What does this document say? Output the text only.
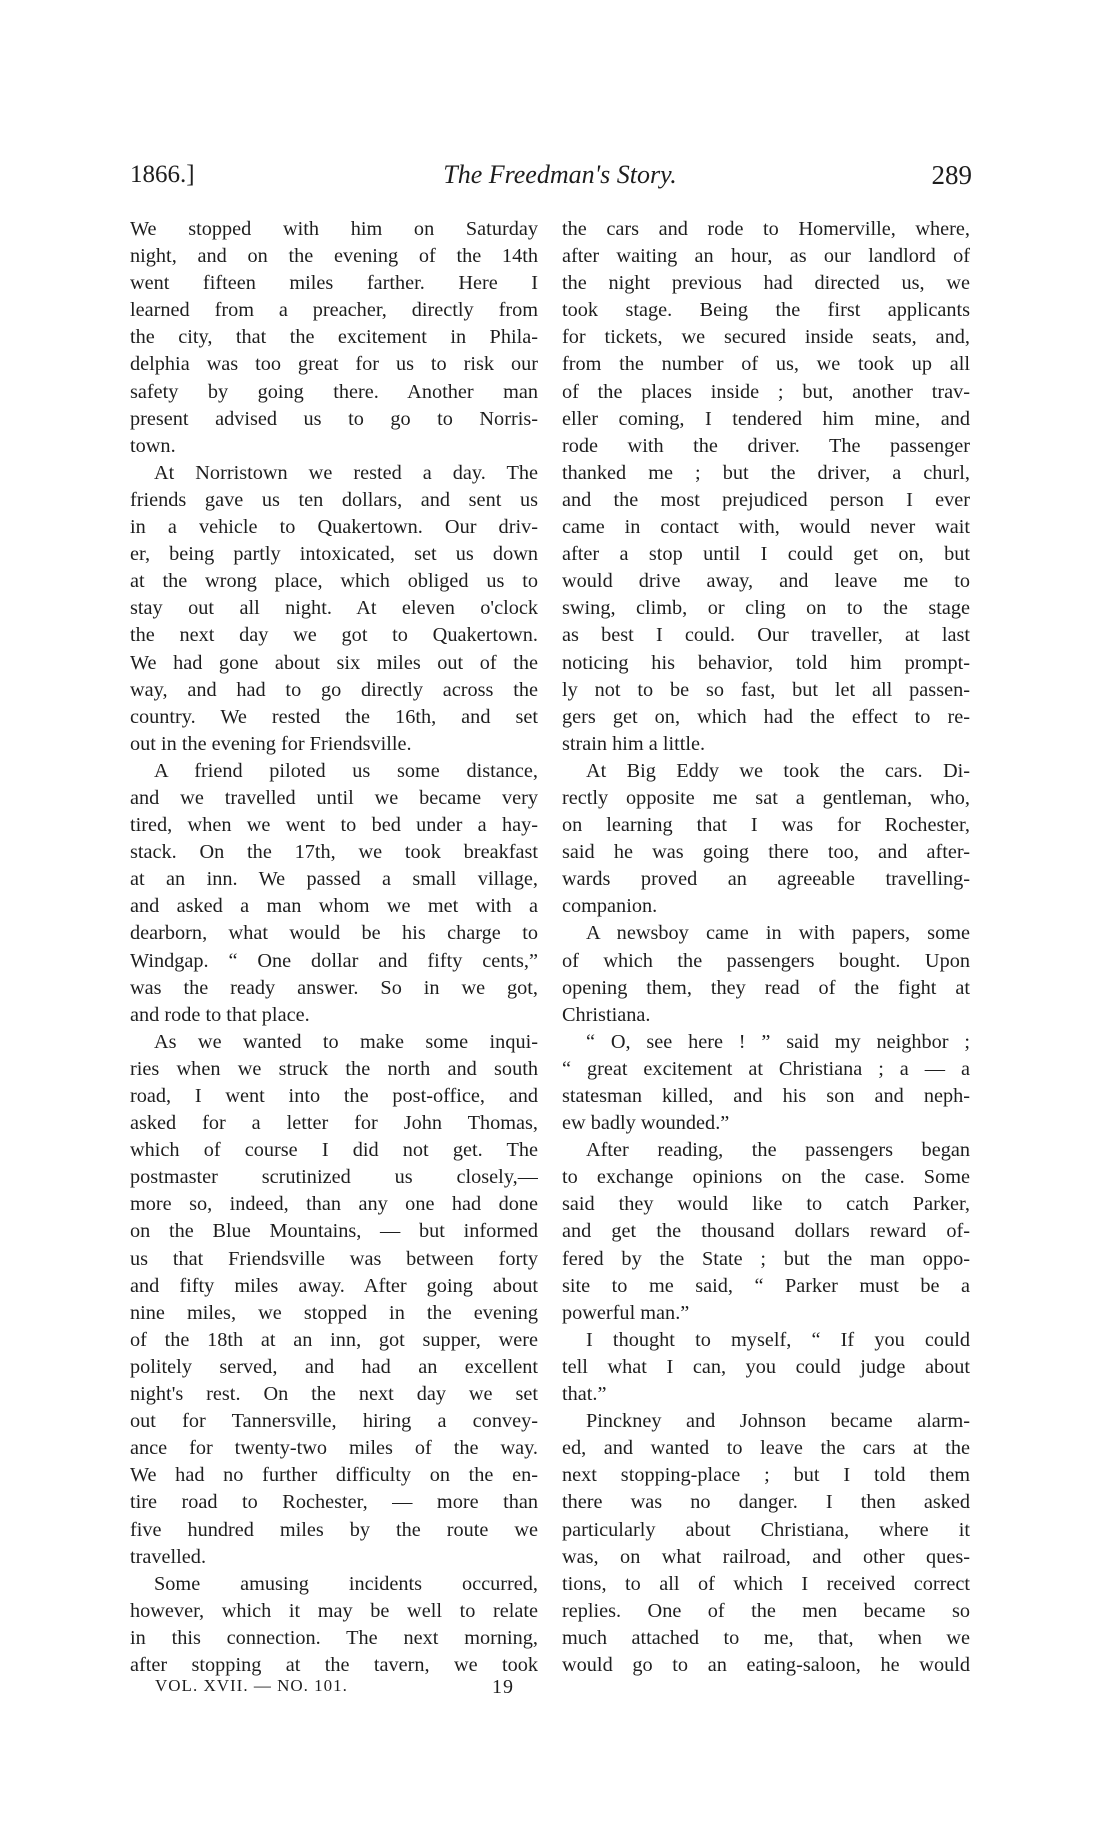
1866.]	The Freedman's Story.	289
We stopped with him on Saturday
night, and on the evening of the 14th
went fifteen miles farther. Here I
learned from a preacher, directly from
the city, that the excitement in Phila-
delphia was too great for us to risk our
safety by going there. Another man
present advised us to go to Norris-
town.
At Norristown we rested a day. The
friends gave us ten dollars, and sent us
in a vehicle to Quakertown. Our driv-
er, being partly intoxicated, set us down
at the wrong place, which obliged us to
stay out all night. At eleven o'clock
the next day we got to Quakertown.
We had gone about six miles out of the
way, and had to go directly across the
country. We rested the 16th, and set
out in the evening for Friendsville.
A friend piloted us some distance,
and we travelled until we became very
tired, when we went to bed under a hay-
stack. On the 17th, we took breakfast
at an inn. We passed a small village,
and asked a man whom we met with a
dearborn, what would be his charge to
Windgap. “ One dollar and fifty cents,”
was the ready answer. So in we got,
and rode to that place.
As we wanted to make some inqui-
ries when we struck the north and south
road, I went into the post-office, and
asked for a letter for John Thomas,
which of course I did not get. The
postmaster scrutinized us closely,—
more so, indeed, than any one had done
on the Blue Mountains, — but informed
us that Friendsville was between forty
and fifty miles away. After going about
nine miles, we stopped in the evening
of the 18th at an inn, got supper, were
politely served, and had an excellent
night's rest. On the next day we set
out for Tannersville, hiring a convey-
ance for twenty-two miles of the way.
We had no further difficulty on the en-
tire road to Rochester, — more than
five hundred miles by the route we
travelled.
Some amusing incidents occurred,
however, which it may be well to relate
in this connection. The next morning,
after stopping at the tavern, we took
the cars and rode to Homerville, where,
after waiting an hour, as our landlord of
the night previous had directed us, we
took stage. Being the first applicants
for tickets, we secured inside seats, and,
from the number of us, we took up all
of the places inside ; but, another trav-
eller coming, I tendered him mine, and
rode with the driver. The passenger
thanked me ; but the driver, a churl,
and the most prejudiced person I ever
came in contact with, would never wait
after a stop until I could get on, but
would drive away, and leave me to
swing, climb, or cling on to the stage
as best I could. Our traveller, at last
noticing his behavior, told him prompt-
ly not to be so fast, but let all passen-
gers get on, which had the effect to re-
strain him a little.
At Big Eddy we took the cars. Di-
rectly opposite me sat a gentleman, who,
on learning that I was for Rochester,
said he was going there too, and after-
wards proved an agreeable travelling-
companion.
A newsboy came in with papers, some
of which the passengers bought. Upon
opening them, they read of the fight at
Christiana.
“ O, see here ! ” said my neighbor ;
“ great excitement at Christiana ; a — a
statesman killed, and his son and neph-
ew badly wounded.”
After reading, the passengers began
to exchange opinions on the case. Some
said they would like to catch Parker,
and get the thousand dollars reward of-
fered by the State ; but the man oppo-
site to me said, “ Parker must be a
powerful man.”
I thought to myself, “ If you could
tell what I can, you could judge about
that.”
Pinckney and Johnson became alarm-
ed, and wanted to leave the cars at the
next stopping-place ; but I told them
there was no danger. I then asked
particularly about Christiana, where it
was, on what railroad, and other ques-
tions, to all of which I received correct
replies. One of the men became so
much attached to me, that, when we
would go to an eating-saloon, he would
VOL. XVII. — NO. 101.	19
